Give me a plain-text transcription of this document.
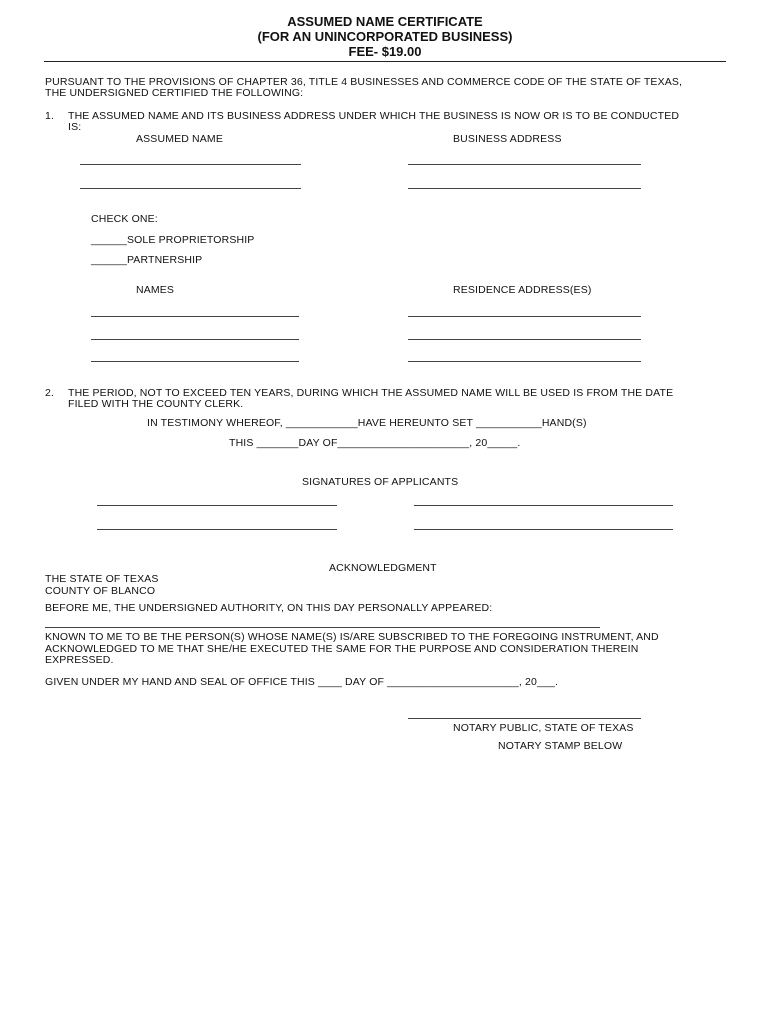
ASSUMED NAME CERTIFICATE
(FOR AN UNINCORPORATED BUSINESS)
FEE- $19.00
PURSUANT TO THE PROVISIONS OF CHAPTER 36, TITLE 4 BUSINESSES AND COMMERCE CODE OF THE STATE OF TEXAS,
THE UNDERSIGNED CERTIFIED THE FOLLOWING:
1. THE ASSUMED NAME AND ITS BUSINESS ADDRESS UNDER WHICH THE BUSINESS IS NOW OR IS TO BE CONDUCTED
IS:
ASSUMED NAME	BUSINESS ADDRESS
CHECK ONE:
______SOLE PROPRIETORSHIP
______PARTNERSHIP
NAMES	RESIDENCE ADDRESS(ES)
2. THE PERIOD, NOT TO EXCEED TEN YEARS, DURING WHICH THE ASSUMED NAME WILL BE USED IS FROM THE DATE
FILED WITH THE COUNTY CLERK.
IN TESTIMONY WHEREOF, ____________HAVE HEREUNTO SET ___________HAND(S)
THIS _______DAY OF______________________, 20_____.
SIGNATURES OF APPLICANTS
ACKNOWLEDGMENT
THE STATE OF TEXAS
COUNTY OF BLANCO
BEFORE ME, THE UNDERSIGNED AUTHORITY, ON THIS DAY PERSONALLY APPEARED:
KNOWN TO ME TO BE THE PERSON(S) WHOSE NAME(S) IS/ARE SUBSCRIBED TO THE FOREGOING INSTRUMENT, AND
ACKNOWLEDGED TO ME THAT SHE/HE EXECUTED THE SAME FOR THE PURPOSE AND CONSIDERATION THEREIN
EXPRESSED.
GIVEN UNDER MY HAND AND SEAL OF OFFICE THIS ____ DAY OF ______________________, 20___.
NOTARY PUBLIC, STATE OF TEXAS
NOTARY STAMP BELOW
